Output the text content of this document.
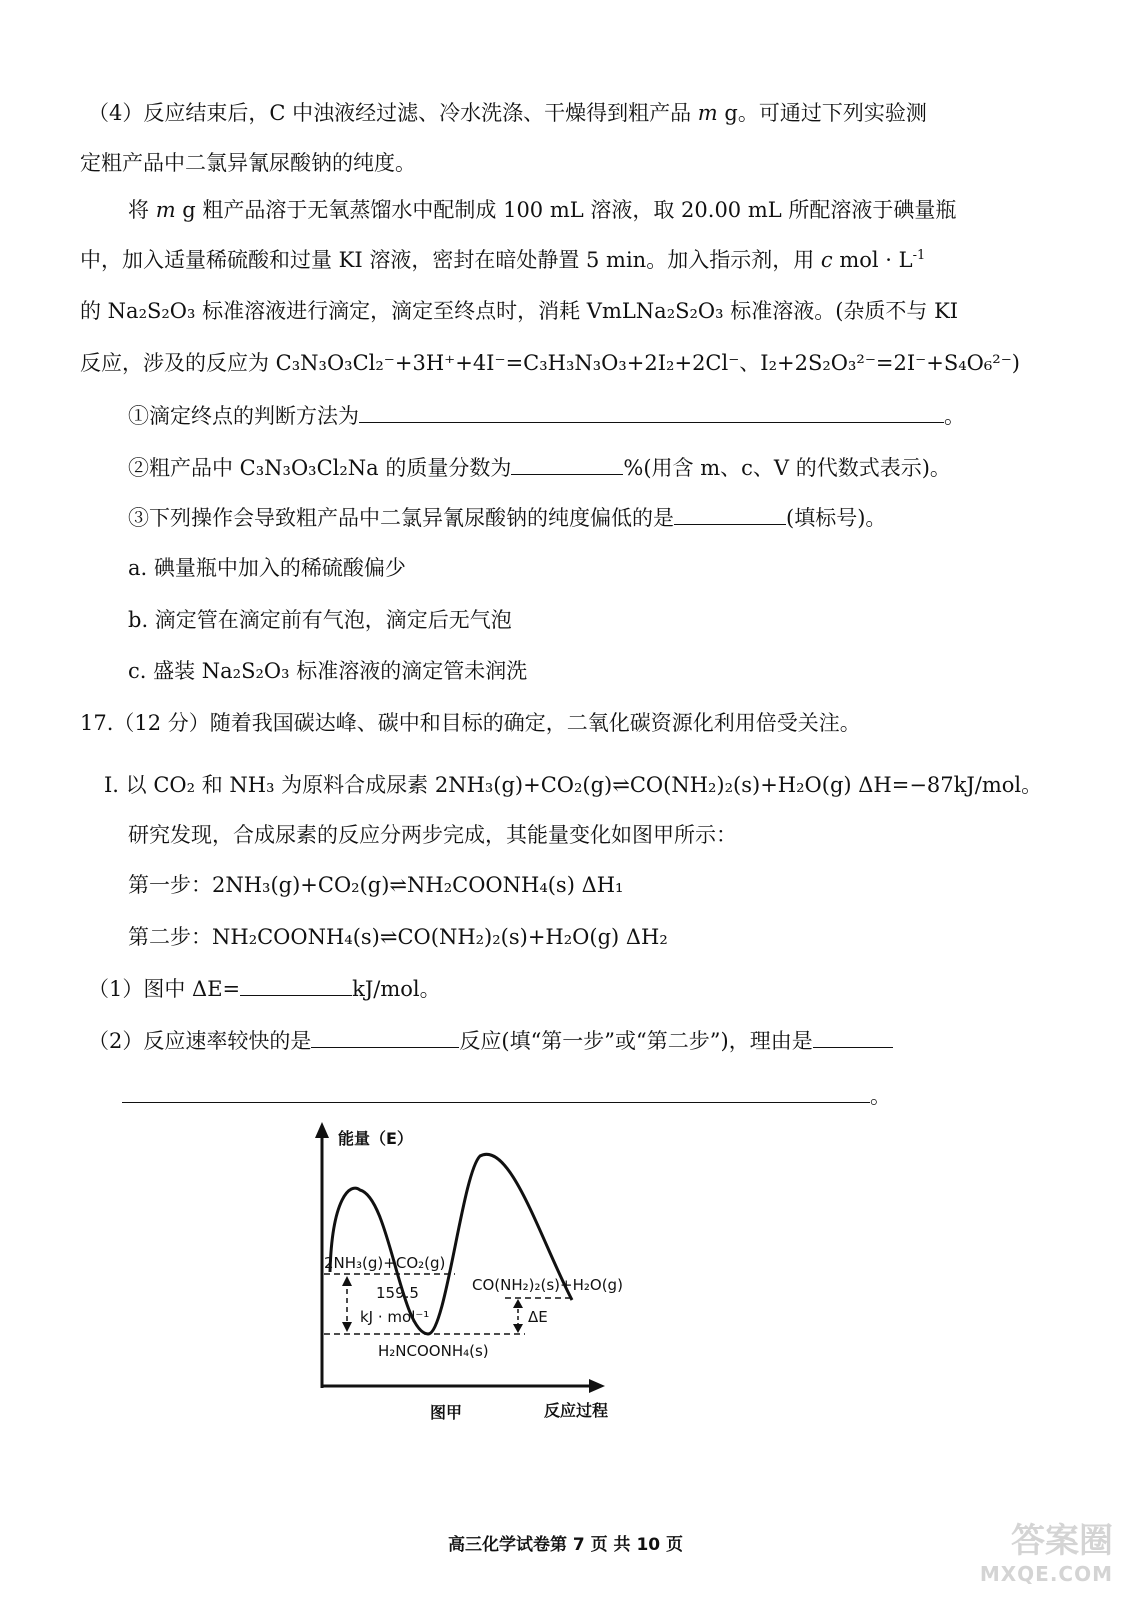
（4）反应结束后，C 中浊液经过滤、冷水洗涤、干燥得到粗产品 m g。可通过下列实验测
定粗产品中二氯异氰尿酸钠的纯度。
将 m g 粗产品溶于无氧蒸馏水中配制成 100 mL 溶液，取 20.00 mL 所配溶液于碘量瓶
中，加入适量稀硫酸和过量 KI 溶液，密封在暗处静置 5 min。加入指示剂，用 c mol · $L^{-1}$
的 Na₂S₂O₃ 标准溶液进行滴定，滴定至终点时，消耗 VmLNa₂S₂O₃ 标准溶液。(杂质不与 KI
反应，涉及的反应为 C₃N₃O₃Cl₂⁻+3H⁺+4I⁻=C₃H₃N₃O₃+2I₂+2Cl⁻、I₂+2S₂O₃²⁻=2I⁻+S₄O₆²⁻)
①滴定终点的判断方法为	。
②粗产品中 C₃N₃O₃Cl₂Na 的质量分数为	%(用含 m、c、V 的代数式表示)。
③下列操作会导致粗产品中二氯异氰尿酸钠的纯度偏低的是	(填标号)。
a. 碘量瓶中加入的稀硫酸偏少
b. 滴定管在滴定前有气泡，滴定后无气泡
c. 盛装 Na₂S₂O₃ 标准溶液的滴定管未润洗
17.（12 分）随着我国碳达峰、碳中和目标的确定，二氧化碳资源化利用倍受关注。
I. 以 CO₂ 和 NH₃ 为原料合成尿素 2NH₃(g)+CO₂(g)⇌CO(NH₂)₂(s)+H₂O(g) ΔH=−87kJ/mol。
研究发现，合成尿素的反应分两步完成，其能量变化如图甲所示：
第一步：2NH₃(g)+CO₂(g)⇌NH₂COONH₄(s) ΔH₁
第二步：NH₂COONH₄(s)⇌CO(NH₂)₂(s)+H₂O(g) ΔH₂
（1）图中 ΔE=	kJ/mol。
（2）反应速率较快的是	反应(填“第一步”或“第二步”)，理由是
。
能量（E）
反应过程
图甲
2NH₃(g)+CO₂(g)
159.5
kJ · mol⁻¹
H₂NCOONH₄(s)
CO(NH₂)₂(s)+H₂O(g)
ΔE
高三化学试卷第 7 页 共 10 页	答案圈
MXQE.COM
